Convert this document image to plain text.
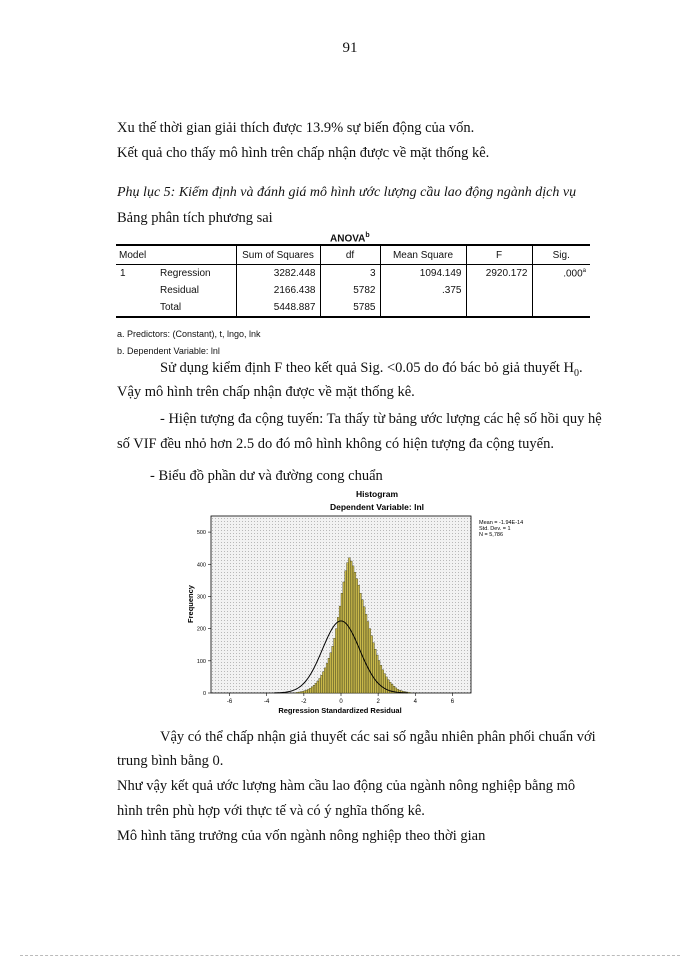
91
Xu thế thời gian giải thích được 13.9% sự biến động của vốn.
Kết quả cho thấy mô hình trên chấp nhận được về mặt thống kê.
Phụ lục 5: Kiểm định và đánh giá mô hình ước lượng cầu lao động ngành dịch vụ
Bảng phân tích phương sai
ANOVA$^b$
Model		Sum of Squares	df	Mean Square	F	Sig.
1	Regression	3282.448	3	1094.149	2920.172	.000$^a$
	Residual	2166.438	5782	.375		
	Total	5448.887	5785			
a. Predictors: (Constant), t, lngo, lnk
b. Dependent Variable: lnl
Sử dụng kiểm định F theo kết quả Sig. <0.05 do đó bác bỏ giả thuyết $H_0$.
Vậy mô hình trên chấp nhận được về mặt thống kê.
- Hiện tượng đa cộng tuyến: Ta thấy từ bảng ước lượng các hệ số hồi quy hệ
số VIF đều nhỏ hơn 2.5 do đó mô hình không có hiện tượng đa cộng tuyến.
- Biểu đồ phần dư và đường cong chuẩn
Histogram
Dependent Variable: lnl
-6	-4	-2	0	2	4	6
0
100
200
300
400
500
Regression Standardized Residual
Frequency
Mean = -1.94E-14
Std. Dev. = 1
N = 5,786
Vậy có thể chấp nhận giả thuyết các sai số ngẫu nhiên phân phối chuẩn với
trung bình bằng 0.
Như vậy kết quả ước lượng hàm cầu lao động của ngành nông nghiệp bằng mô
hình trên phù hợp với thực tế và có ý nghĩa thống kê.
Mô hình tăng trưởng của vốn ngành nông nghiệp theo thời gian
